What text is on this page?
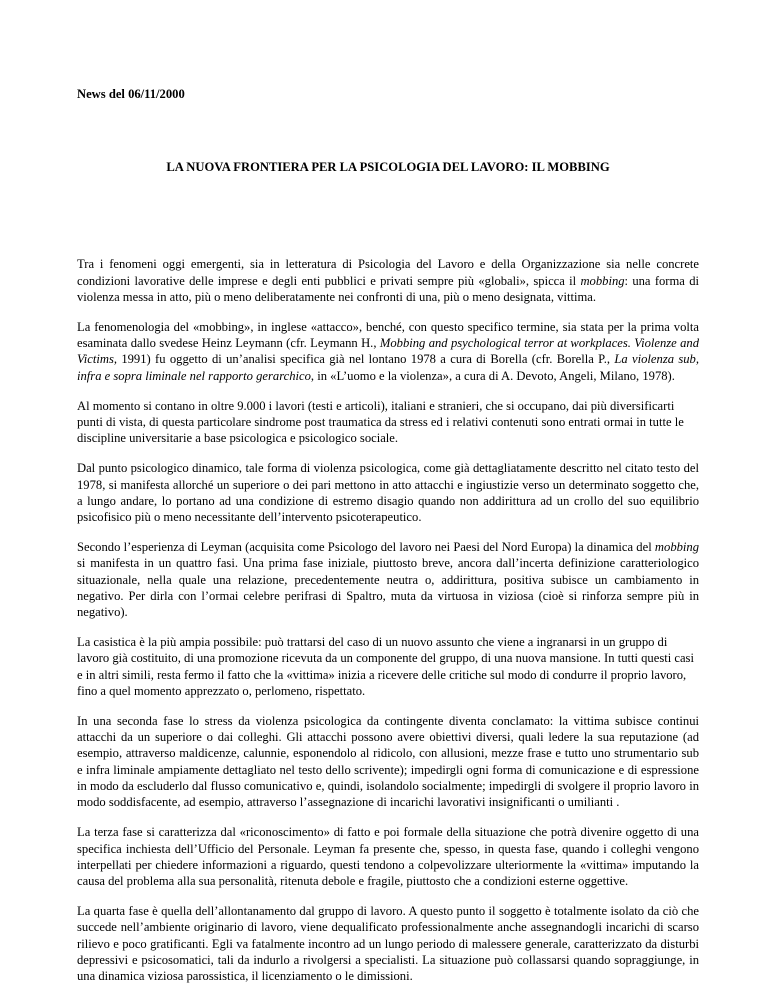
News del 06/11/2000

LA NUOVA FRONTIERA PER LA PSICOLOGIA DEL LAVORO: IL MOBBING

Tra i fenomeni oggi emergenti, sia in letteratura di Psicologia del Lavoro e della Organizzazione sia nelle concrete condizioni lavorative delle imprese e degli enti pubblici e privati sempre più «globali», spicca il mobbing: una forma di violenza messa in atto, più o meno deliberatamente nei confronti di una, più o meno designata, vittima.

La fenomenologia del «mobbing», in inglese «attacco», benché, con questo specifico termine, sia stata per la prima volta esaminata dallo svedese Heinz Leymann (cfr. Leymann H., Mobbing and psychological terror at workplaces. Violenze and Victims, 1991) fu oggetto di un’analisi specifica già nel lontano 1978 a cura di Borella (cfr. Borella P., La violenza sub, infra e sopra liminale nel rapporto gerarchico, in «L’uomo e la violenza», a cura di A. Devoto, Angeli, Milano, 1978).

Al momento si contano in oltre 9.000 i lavori (testi e articoli), italiani e stranieri, che si occupano, dai più diversificarti punti di vista, di questa particolare sindrome post traumatica da stress ed i relativi contenuti sono entrati ormai in tutte le discipline universitarie a base psicologica e psicologico sociale.

Dal punto psicologico dinamico, tale forma di violenza psicologica, come già dettagliatamente descritto nel citato testo del 1978, si manifesta allorché un superiore o dei pari mettono in atto attacchi e ingiustizie verso un determinato soggetto che, a lungo andare, lo portano ad una condizione di estremo disagio quando non addirittura ad un crollo del suo equilibrio psicofisico più o meno necessitante dell’intervento psicoterapeutico.

Secondo l’esperienza di Leyman (acquisita come Psicologo del lavoro nei Paesi del Nord Europa) la dinamica del mobbing si manifesta in un quattro fasi. Una prima fase iniziale, piuttosto breve, ancora dall’incerta definizione caratteriologico situazionale, nella quale una relazione, precedentemente neutra o, addirittura, positiva subisce un cambiamento in negativo. Per dirla con l’ormai celebre perifrasi di Spaltro, muta da virtuosa in viziosa (cioè si rinforza sempre più in negativo).

La casistica è la più ampia possibile: può trattarsi del caso di un nuovo assunto che viene a ingranarsi in un gruppo di lavoro già costituito, di una promozione ricevuta da un componente del gruppo, di una nuova mansione. In tutti questi casi e in altri simili, resta fermo il fatto che la «vittima» inizia a ricevere delle critiche sul modo di condurre il proprio lavoro, fino a quel momento apprezzato o, perlomeno, rispettato.

In una seconda fase lo stress da violenza psicologica da contingente diventa conclamato: la vittima subisce continui attacchi da un superiore o dai colleghi. Gli attacchi possono avere obiettivi diversi, quali ledere la sua reputazione (ad esempio, attraverso maldicenze, calunnie, esponendolo al ridicolo, con allusioni, mezze frase e tutto uno strumentario sub e infra liminale ampiamente dettagliato nel testo dello scrivente); impedirgli ogni forma di comunicazione e di espressione in modo da escluderlo dal flusso comunicativo e, quindi, isolandolo socialmente; impedirgli di svolgere il proprio lavoro in modo soddisfacente, ad esempio, attraverso l’assegnazione di incarichi lavorativi insignificanti o umilianti .

La terza fase si caratterizza dal «riconoscimento» di fatto e poi formale della situazione che potrà divenire oggetto di una specifica inchiesta dell’Ufficio del Personale. Leyman fa presente che, spesso, in questa fase, quando i colleghi vengono interpellati per chiedere informazioni a riguardo, questi tendono a colpevolizzare ulteriormente la «vittima» imputando la causa del problema alla sua personalità, ritenuta debole e fragile, piuttosto che a condizioni esterne oggettive.

La quarta fase è quella dell’allontanamento dal gruppo di lavoro. A questo punto il soggetto è totalmente isolato da ciò che succede nell’ambiente originario di lavoro, viene dequalificato professionalmente anche assegnandogli incarichi di scarso rilievo e poco gratificanti. Egli va fatalmente incontro ad un lungo periodo di malessere generale, caratterizzato da disturbi depressivi e psicosomatici, tali da indurlo a rivolgersi a specialisti. La situazione può collassarsi quando sopraggiunge, in una dinamica viziosa parossistica, il licenziamento o le dimissioni.
